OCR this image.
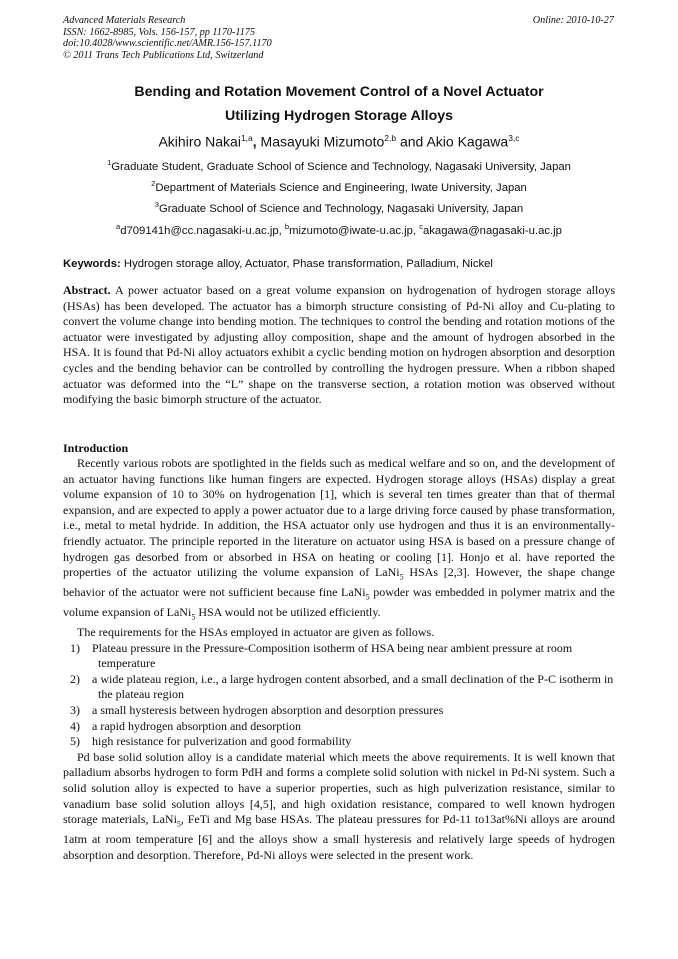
Advanced Materials Research
ISSN: 1662-8985, Vols. 156-157, pp 1170-1175
doi:10.4028/www.scientific.net/AMR.156-157.1170
© 2011 Trans Tech Publications Ltd, Switzerland
Online: 2010-10-27
Bending and Rotation Movement Control of a Novel Actuator
Utilizing Hydrogen Storage Alloys
Akihiro Nakai$^{1,a}$, Masayuki Mizumoto$^{2,b}$ and Akio Kagawa$^{3,c}$
$^1$Graduate Student, Graduate School of Science and Technology, Nagasaki University, Japan
$^2$Department of Materials Science and Engineering, Iwate University, Japan
$^3$Graduate School of Science and Technology, Nagasaki University, Japan
$^a$d709141h@cc.nagasaki-u.ac.jp, $^b$mizumoto@iwate-u.ac.jp, $^c$akagawa@nagasaki-u.ac.jp
Keywords: Hydrogen storage alloy, Actuator, Phase transformation, Palladium, Nickel
Abstract. A power actuator based on a great volume expansion on hydrogenation of hydrogen storage alloys (HSAs) has been developed. The actuator has a bimorph structure consisting of Pd-Ni alloy and Cu-plating to convert the volume change into bending motion. The techniques to control the bending and rotation motions of the actuator were investigated by adjusting alloy composition, shape and the amount of hydrogen absorbed in the HSA. It is found that Pd-Ni alloy actuators exhibit a cyclic bending motion on hydrogen absorption and desorption cycles and the bending behavior can be controlled by controlling the hydrogen pressure. When a ribbon shaped actuator was deformed into the “L” shape on the transverse section, a rotation motion was observed without modifying the basic bimorph structure of the actuator.
Introduction

Recently various robots are spotlighted in the fields such as medical welfare and so on, and the development of an actuator having functions like human fingers are expected. Hydrogen storage alloys (HSAs) display a great volume expansion of 10 to 30% on hydrogenation [1], which is several ten times greater than that of thermal expansion, and are expected to apply a power actuator due to a large driving force caused by phase transformation, i.e., metal to metal hydride. In addition, the HSA actuator only use hydrogen and thus it is an environmentally-friendly actuator. The principle reported in the literature on actuator using HSA is based on a pressure change of hydrogen gas desorbed from or absorbed in HSA on heating or cooling [1]. Honjo et al. have reported the properties of the actuator utilizing the volume expansion of LaNi$_5$ HSAs [2,3]. However, the shape change behavior of the actuator were not sufficient because fine LaNi$_5$ powder was embedded in polymer matrix and the volume expansion of LaNi$_5$ HSA would not be utilized efficiently.

The requirements for the HSAs employed in actuator are given as follows.

1) Plateau pressure in the Pressure-Composition isotherm of HSA being near ambient pressure at room temperature
2) a wide plateau region, i.e., a large hydrogen content absorbed, and a small declination of the P-C isotherm in the plateau region
3) a small hysteresis between hydrogen absorption and desorption pressures
4) a rapid hydrogen absorption and desorption
5) high resistance for pulverization and good formability

Pd base solid solution alloy is a candidate material which meets the above requirements. It is well known that palladium absorbs hydrogen to form PdH and forms a complete solid solution with nickel in Pd-Ni system. Such a solid solution alloy is expected to have a superior properties, such as high pulverization resistance, similar to vanadium base solid solution alloys [4,5], and high oxidation resistance, compared to well known hydrogen storage materials, LaNi$_5$, FeTi and Mg base HSAs. The plateau pressures for Pd-11 to13at%Ni alloys are around 1atm at room temperature [6] and the alloys show a small hysteresis and relatively large speeds of hydrogen absorption and desorption. Therefore, Pd-Ni alloys were selected in the present work.
